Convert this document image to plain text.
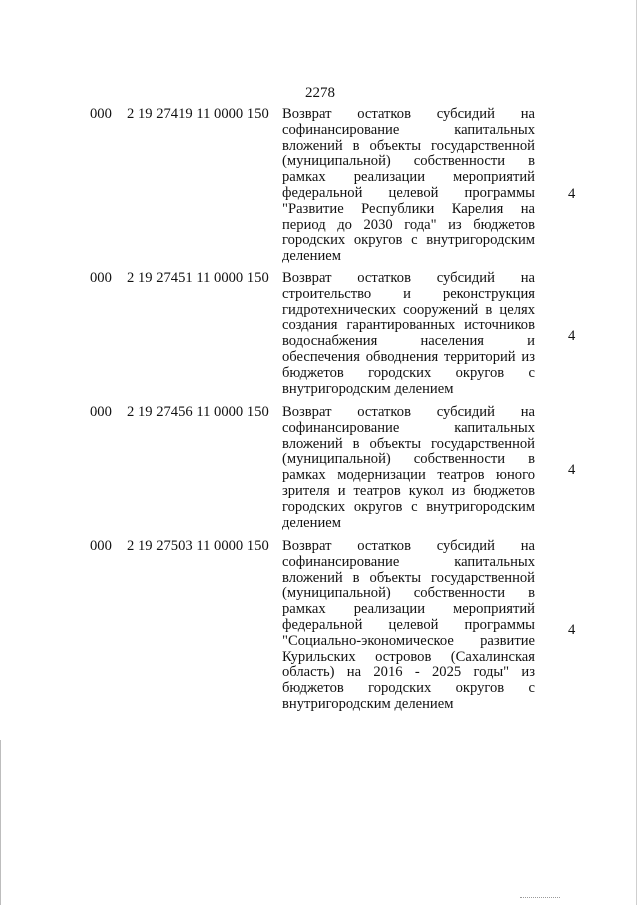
2278
000 2 19 27419 11 0000 150 Возврат остатков субсидий на софинансирование капитальных вложений в объекты государственной (муниципальной) собственности в рамках реализации мероприятий федеральной целевой программы "Развитие Республики Карелия на период до 2030 года" из бюджетов городских округов с внутригородским делением
4
000 2 19 27451 11 0000 150 Возврат остатков субсидий на строительство и реконструкция гидротехнических сооружений в целях создания гарантированных источников водоснабжения населения и обеспечения обводнения территорий из бюджетов городских округов с внутригородским делением
4
000 2 19 27456 11 0000 150 Возврат остатков субсидий на софинансирование капитальных вложений в объекты государственной (муниципальной) собственности в рамках модернизации театров юного зрителя и театров кукол из бюджетов городских округов с внутригородским делением
4
000 2 19 27503 11 0000 150 Возврат остатков субсидий на софинансирование капитальных вложений в объекты государственной (муниципальной) собственности в рамках реализации мероприятий федеральной целевой программы "Социально-экономическое развитие Курильских островов (Сахалинская область) на 2016 - 2025 годы" из бюджетов городских округов с внутригородским делением
4
